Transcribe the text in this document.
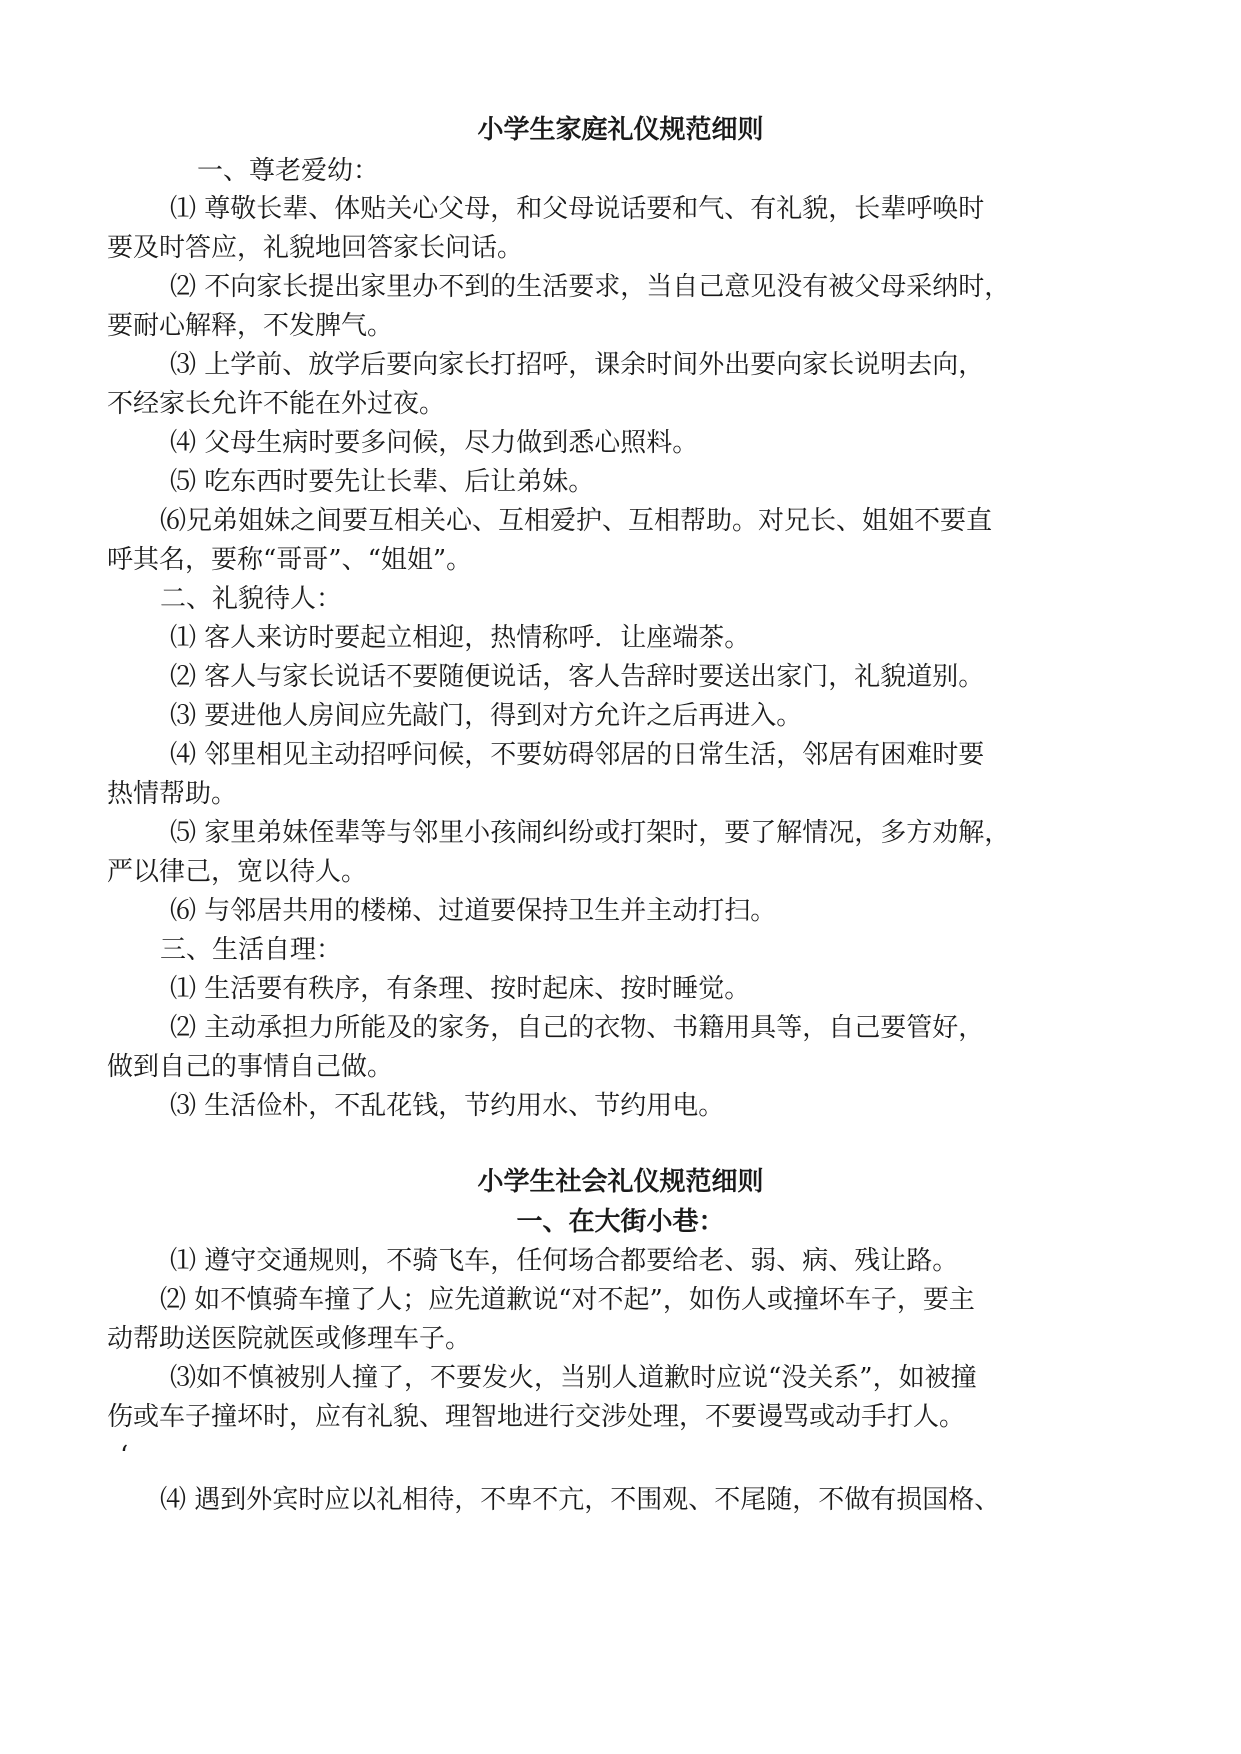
小学生家庭礼仪规范细则
一、尊老爱幼：
⑴ 尊敬长辈、体贴关心父母，和父母说话要和气、有礼貌，长辈呼唤时
要及时答应，礼貌地回答家长问话。
⑵ 不向家长提出家里办不到的生活要求，当自己意见没有被父母采纳时，
要耐心解释，不发脾气。
⑶ 上学前、放学后要向家长打招呼，课余时间外出要向家长说明去向，
不经家长允许不能在外过夜。
⑷ 父母生病时要多问候，尽力做到悉心照料。
⑸ 吃东西时要先让长辈、后让弟妹。
⑹兄弟姐妹之间要互相关心、互相爱护、互相帮助。对兄长、姐姐不要直
呼其名，要称“哥哥”、“姐姐”。
二、礼貌待人：
⑴ 客人来访时要起立相迎，热情称呼．让座端茶。
⑵ 客人与家长说话不要随便说话，客人告辞时要送出家门，礼貌道别。
⑶ 要进他人房间应先敲门，得到对方允许之后再进入。
⑷ 邻里相见主动招呼问候，不要妨碍邻居的日常生活，邻居有困难时要
热情帮助。
⑸ 家里弟妹侄辈等与邻里小孩闹纠纷或打架时，要了解情况，多方劝解，
严以律己，宽以待人。
⑹ 与邻居共用的楼梯、过道要保持卫生并主动打扫。
三、生活自理：
⑴ 生活要有秩序，有条理、按时起床、按时睡觉。
⑵ 主动承担力所能及的家务，自己的衣物、书籍用具等，自己要管好，
做到自己的事情自己做。
⑶ 生活俭朴，不乱花钱，节约用水、节约用电。
小学生社会礼仪规范细则
一、在大街小巷：
⑴ 遵守交通规则，不骑飞车，任何场合都要给老、弱、病、残让路。
⑵ 如不慎骑车撞了人；应先道歉说“对不起”，如伤人或撞坏车子，要主
动帮助送医院就医或修理车子。
⑶如不慎被别人撞了，不要发火，当别人道歉时应说“没关系”，如被撞
伤或车子撞坏时，应有礼貌、理智地进行交涉处理，不要谩骂或动手打人。
‘
⑷ 遇到外宾时应以礼相待，不卑不亢，不围观、不尾随，不做有损国格、
